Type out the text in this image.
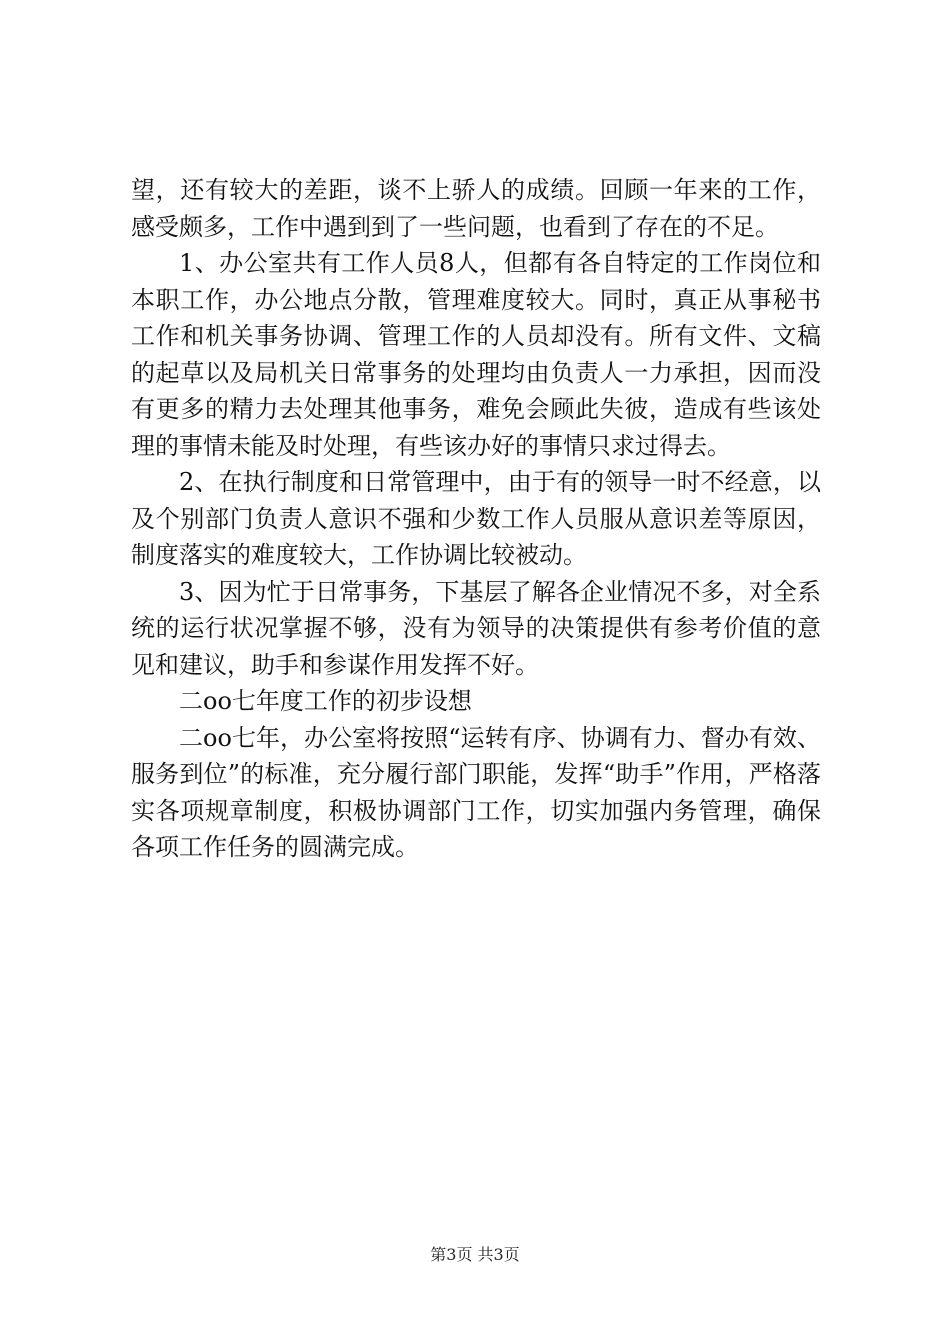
望，还有较大的差距，谈不上骄人的成绩。回顾一年来的工作，感受颇多，工作中遇到到了一些问题，也看到了存在的不足。

1、办公室共有工作人员8人，但都有各自特定的工作岗位和本职工作，办公地点分散，管理难度较大。同时，真正从事秘书工作和机关事务协调、管理工作的人员却没有。所有文件、文稿的起草以及局机关日常事务的处理均由负责人一力承担，因而没有更多的精力去处理其他事务，难免会顾此失彼，造成有些该处理的事情未能及时处理，有些该办好的事情只求过得去。

2、在执行制度和日常管理中，由于有的领导一时不经意，以及个别部门负责人意识不强和少数工作人员服从意识差等原因，制度落实的难度较大，工作协调比较被动。

3、因为忙于日常事务，下基层了解各企业情况不多，对全系统的运行状况掌握不够，没有为领导的决策提供有参考价值的意见和建议，助手和参谋作用发挥不好。

二oo七年度工作的初步设想

二oo七年，办公室将按照“运转有序、协调有力、督办有效、服务到位”的标准，充分履行部门职能，发挥“助手”作用，严格落实各项规章制度，积极协调部门工作，切实加强内务管理，确保各项工作任务的圆满完成。

第3页 共3页
